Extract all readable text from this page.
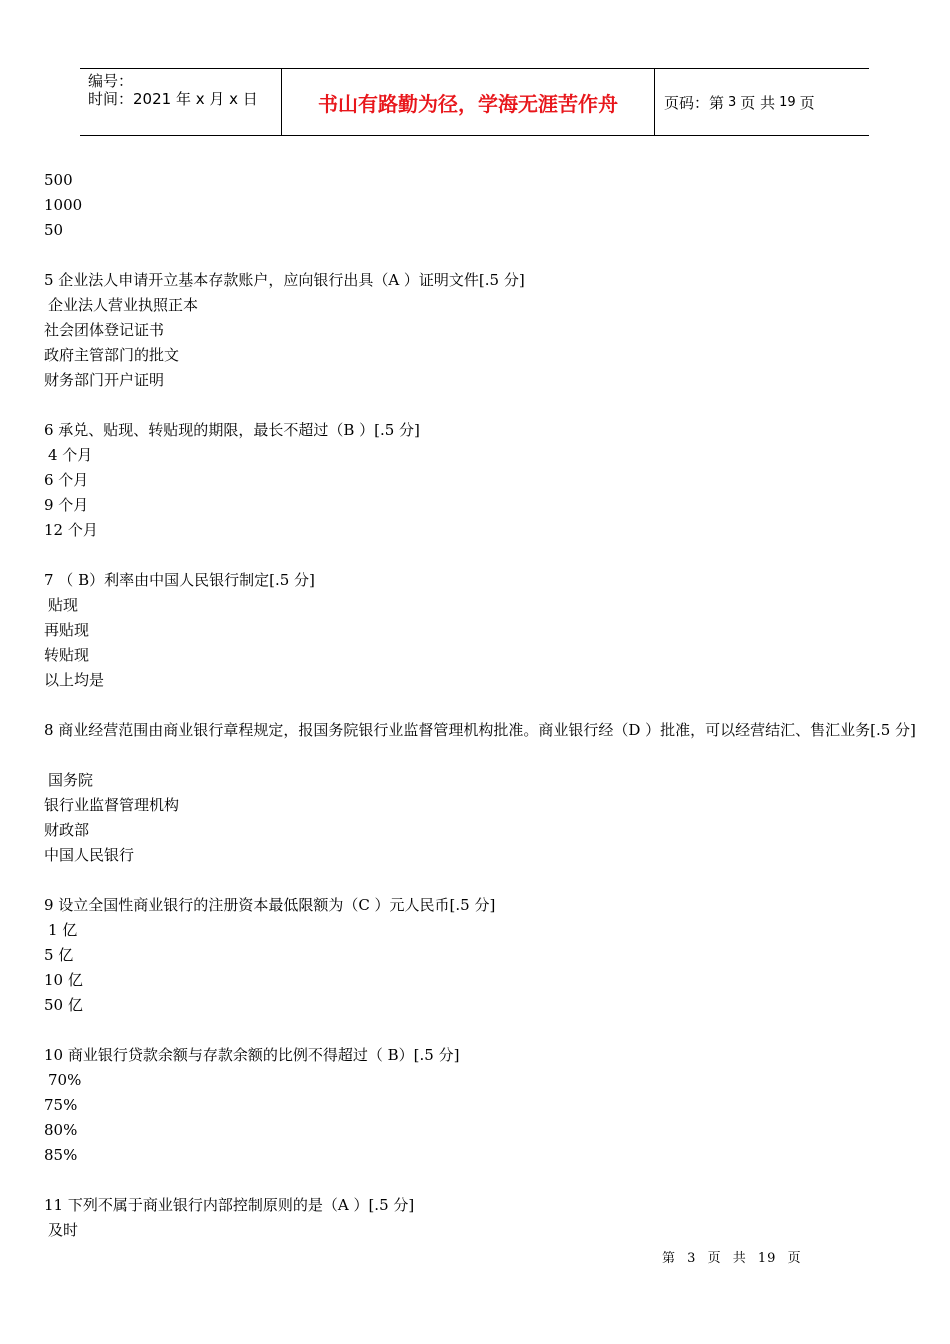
编号：
时间：2021 年 x 月 x 日	书山有路勤为径，学海无涯苦作舟	页码：第 3 页 共 19 页
500
1000
50
5 企业法人申请开立基本存款账户，应向银行出具（A ）证明文件[.5 分]
企业法人营业执照正本
社会团体登记证书
政府主管部门的批文
财务部门开户证明
6 承兑、贴现、转贴现的期限，最长不超过（B ）[.5 分]
4 个月
6 个月
9 个月
12 个月
7 （ B）利率由中国人民银行制定[.5 分]
贴现
再贴现
转贴现
以上均是
8 商业经营范围由商业银行章程规定，报国务院银行业监督管理机构批准。商业银行经（D ）批准，可以经营结汇、售汇业务[.5 分]
国务院
银行业监督管理机构
财政部
中国人民银行
9 设立全国性商业银行的注册资本最低限额为（C ）元人民币[.5 分]
1 亿
5 亿
10 亿
50 亿
10 商业银行贷款余额与存款余额的比例不得超过（ B）[.5 分]
70%
75%
80%
85%
11 下列不属于商业银行内部控制原则的是（A ）[.5 分]
及时
第 3 页 共 19 页
